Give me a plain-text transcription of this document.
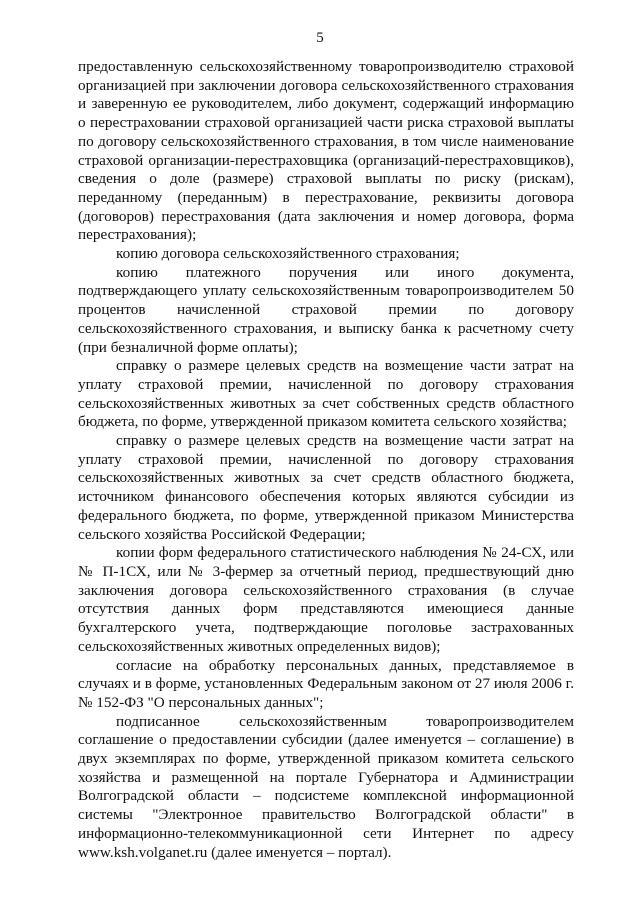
5

предоставленную сельскохозяйственному товаропроизводителю страховой организацией при заключении договора сельскохозяйственного страхования и заверенную ее руководителем, либо документ, содержащий информацию о перестраховании страховой организацией части риска страховой выплаты по договору сельскохозяйственного страхования, в том числе наименование страховой организации-перестраховщика (организаций-перестраховщиков), сведения о доле (размере) страховой выплаты по риску (рискам), переданному (переданным) в перестрахование, реквизиты договора (договоров) перестрахования (дата заключения и номер договора, форма перестрахования);

копию договора сельскохозяйственного страхования;

копию платежного поручения или иного документа, подтверждающего уплату сельскохозяйственным товаропроизводителем 50 процентов начисленной страховой премии по договору сельскохозяйственного страхования, и выписку банка к расчетному счету (при безналичной форме оплаты);

справку о размере целевых средств на возмещение части затрат на уплату страховой премии, начисленной по договору страхования сельскохозяйственных животных за счет собственных средств областного бюджета, по форме, утвержденной приказом комитета сельского хозяйства;

справку о размере целевых средств на возмещение части затрат на уплату страховой премии, начисленной по договору страхования сельскохозяйственных животных за счет средств областного бюджета, источником финансового обеспечения которых являются субсидии из федерального бюджета, по форме, утвержденной приказом Министерства сельского хозяйства Российской Федерации;

копии форм федерального статистического наблюдения № 24-СХ, или № П-1СХ, или № 3-фермер за отчетный период, предшествующий дню заключения договора сельскохозяйственного страхования (в случае отсутствия данных форм представляются имеющиеся данные бухгалтерского учета, подтверждающие поголовье застрахованных сельскохозяйственных животных определенных видов);

согласие на обработку персональных данных, представляемое в случаях и в форме, установленных Федеральным законом от 27 июля 2006 г. № 152-ФЗ "О персональных данных";

подписанное сельскохозяйственным товаропроизводителем соглашение о предоставлении субсидии (далее именуется – соглашение) в двух экземплярах по форме, утвержденной приказом комитета сельского хозяйства и размещенной на портале Губернатора и Администрации Волгоградской области – подсистеме комплексной информационной системы "Электронное правительство Волгоградской области" в информационно-телекоммуникационной сети Интернет по адресу www.ksh.volganet.ru (далее именуется – портал).
